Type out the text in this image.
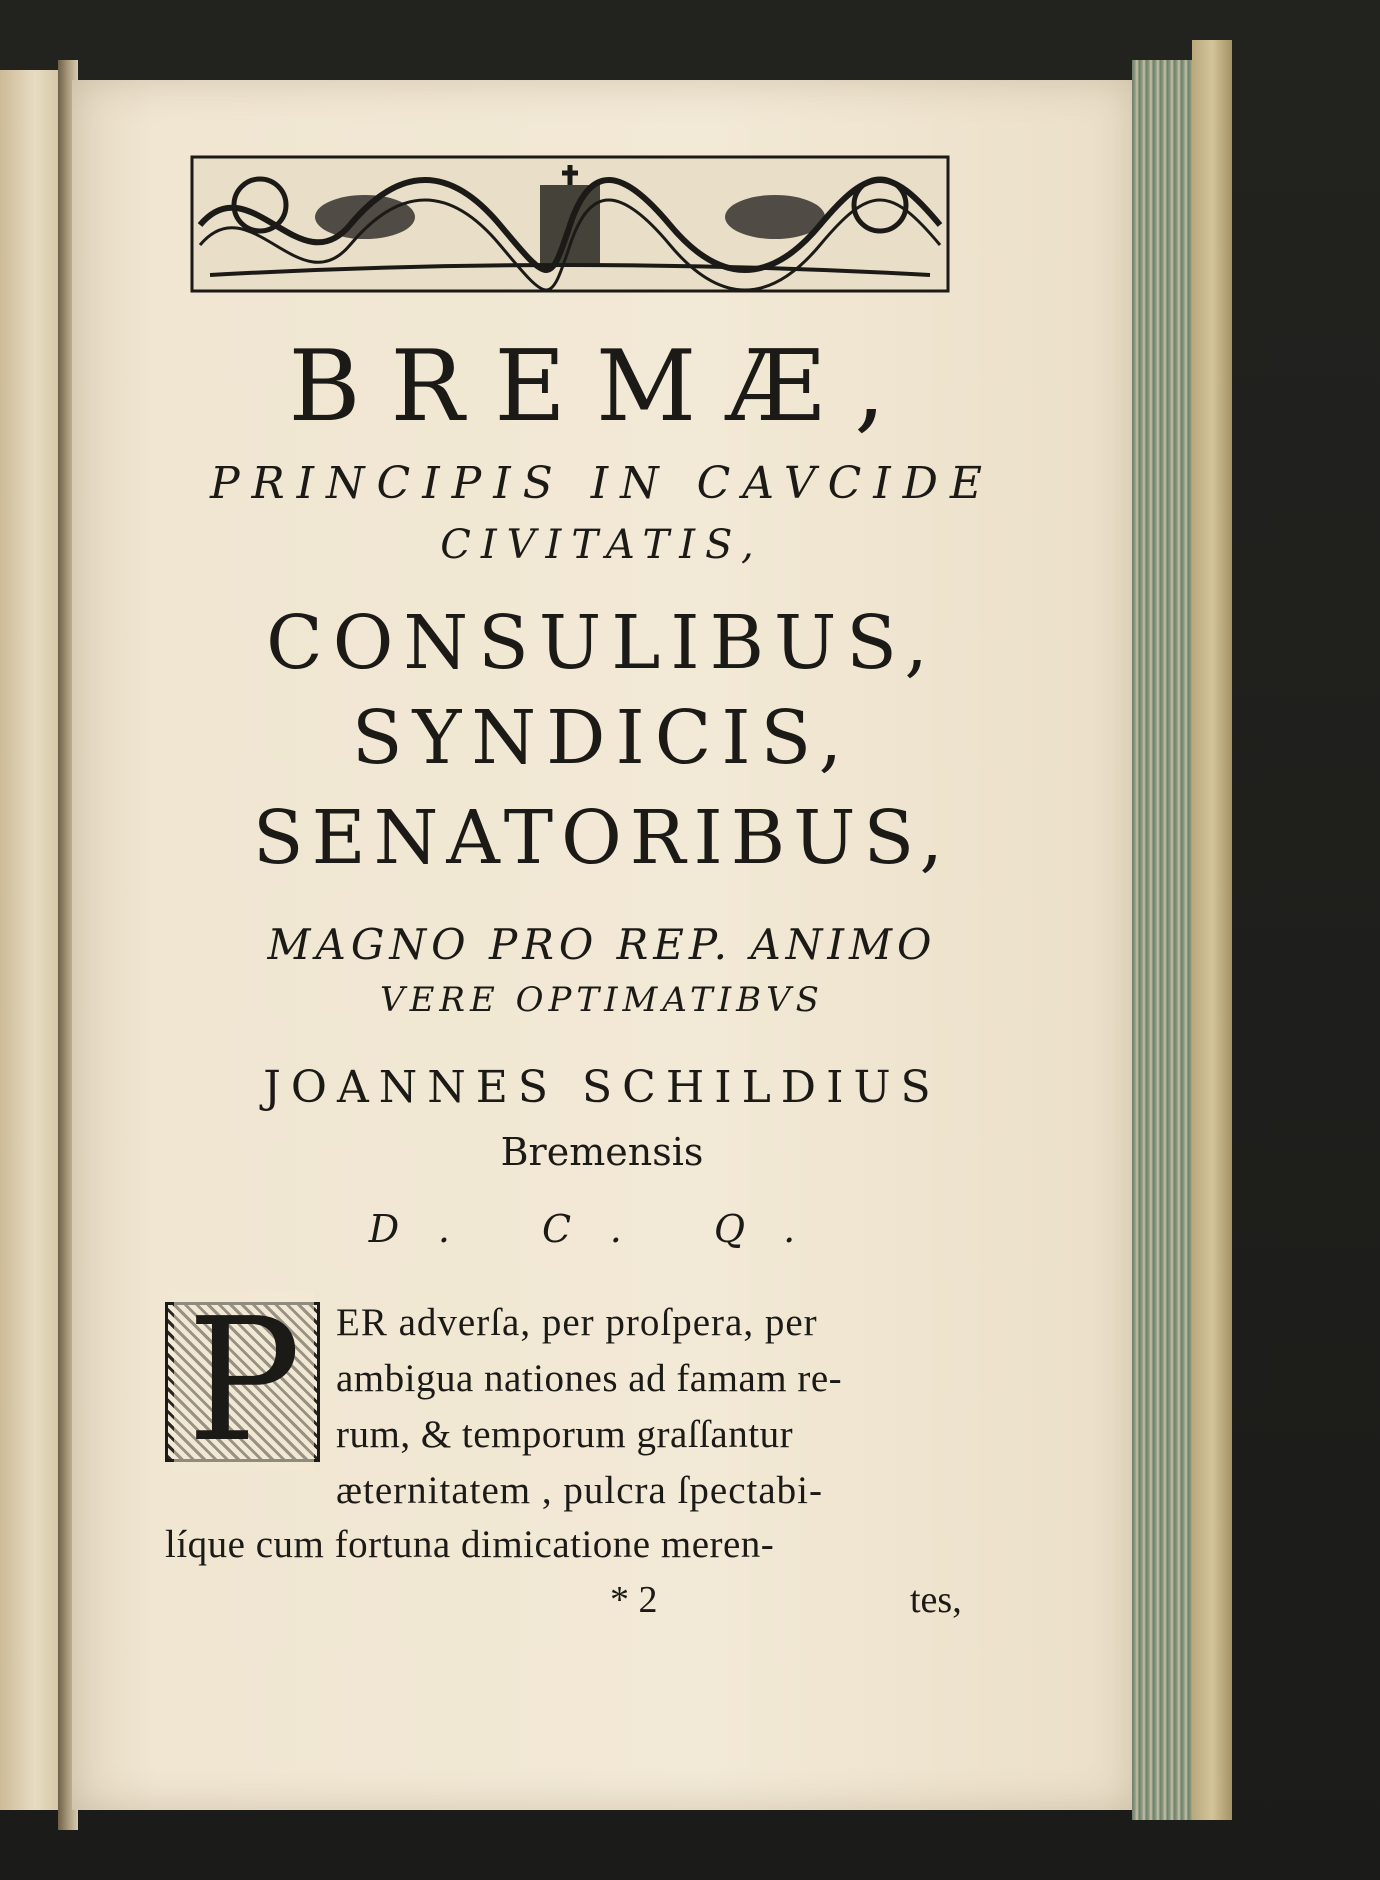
BREMÆ,
PRINCIPIS IN CAVCIDE
CIVITATIS,
CONSULIBUS,
SYNDICIS,
SENATORIBUS,
MAGNO PRO REP. ANIMO
VERE OPTIMATIBVS
JOANNES SCHILDIUS
Bremensis
D. C. Q.
P ER adverſa, per proſpera, per
ambigua nationes ad famam re-
rum, & temporum graſſantur
æternitatem , pulcra ſpectabi-
líque cum fortuna dimicatione meren-
* 2	tes,
